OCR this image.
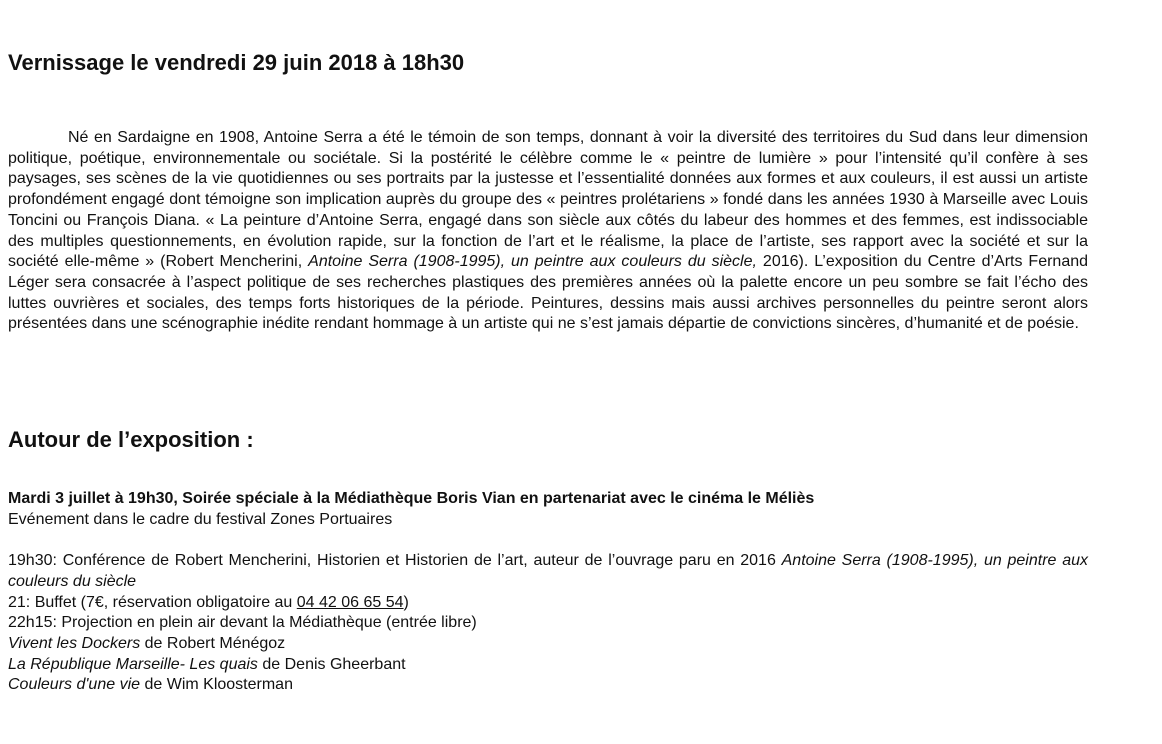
Vernissage le vendredi 29 juin 2018 à 18h30

Né en Sardaigne en 1908, Antoine Serra a été le témoin de son temps, donnant à voir la diversité des territoires du Sud dans leur dimension politique, poétique, environnementale ou sociétale. Si la postérité le célèbre comme le « peintre de lumière » pour l’intensité qu’il confère à ses paysages, ses scènes de la vie quotidiennes ou ses portraits par la justesse et l’essentialité données aux formes et aux couleurs, il est aussi un artiste profondément engagé dont témoigne son implication auprès du groupe des « peintres prolétariens » fondé dans les années 1930 à Marseille avec Louis Toncini ou François Diana. « La peinture d’Antoine Serra, engagé dans son siècle aux côtés du labeur des hommes et des femmes, est indissociable des multiples questionnements, en évolution rapide, sur la fonction de l’art et le réalisme, la place de l’artiste, ses rapport avec la société et sur la société elle-même » (Robert Mencherini, Antoine Serra (1908-1995), un peintre aux couleurs du siècle, 2016). L’exposition du Centre d’Arts Fernand Léger sera consacrée à l’aspect politique de ses recherches plastiques des premières années où la palette encore un peu sombre se fait l’écho des luttes ouvrières et sociales, des temps forts historiques de la période. Peintures, dessins mais aussi archives personnelles du peintre seront alors présentées dans une scénographie inédite rendant hommage à un artiste qui ne s’est jamais départie de convictions sincères, d’humanité et de poésie.

Autour de l’exposition :

Mardi 3 juillet à 19h30, Soirée spéciale à la Médiathèque Boris Vian en partenariat avec le cinéma le Méliès

Evénement dans le cadre du festival Zones Portuaires

19h30: Conférence de Robert Mencherini, Historien et Historien de l’art, auteur de l’ouvrage paru en 2016 Antoine Serra (1908-1995), un peintre aux couleurs du siècle

21: Buffet (7€, réservation obligatoire au 04 42 06 65 54)

22h15: Projection en plein air devant la Médiathèque (entrée libre)

Vivent les Dockers de Robert Ménégoz

La République Marseille- Les quais de Denis Gheerbant

Couleurs d'une vie de Wim Kloosterman
